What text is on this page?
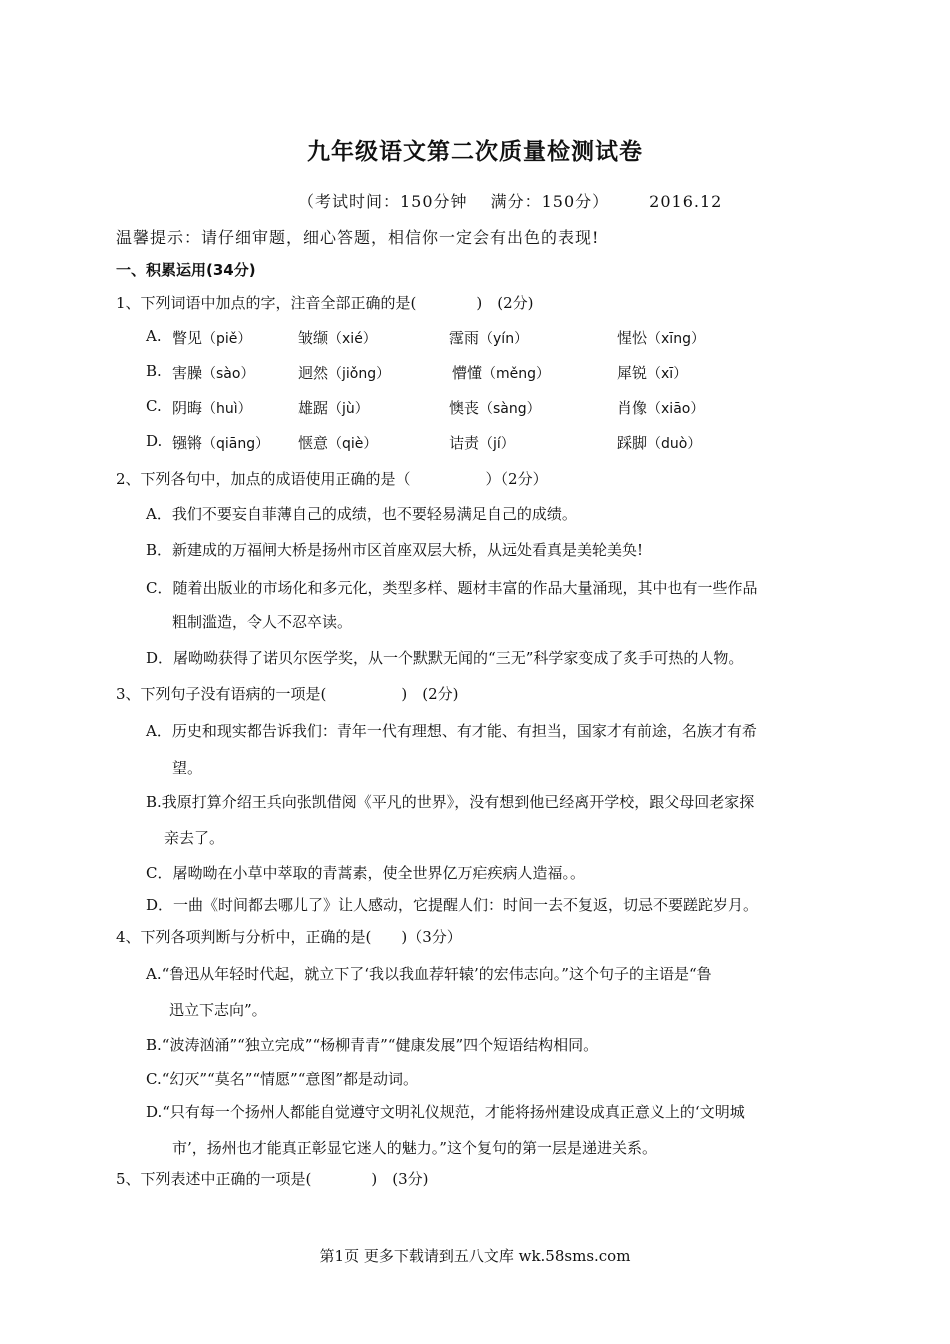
九年级语文第二次质量检测试卷
（考试时间：150分钟　 满分：150分）	2016.12
温馨提示：请仔细审题，细心答题，相信你一定会有出色的表现!
一、积累运用(34分)
1、下列词语中加点的字，注音全部正确的是(　　　　)　(2分)
A. 瞥见（piě）	皱缬（xié）	霪雨（yín）	惺忪（xīng）
B. 害臊（sào）	迥然（jiǒng）	懵懂（měng）	犀锐（xī）
C. 阴晦（huì）	雄踞（jù）	懊丧（sàng）	肖像（xiāo）
D. 镪锵（qiāng） 惬意（qiè）	诘责（jí）	踩脚（duò）
2、下列各句中，加点的成语使用正确的是（　　　　　）（2分）
A．我们不要妄自菲薄自己的成绩，也不要轻易满足自己的成绩。
B．新建成的万福闸大桥是扬州市区首座双层大桥，从远处看真是美轮美奂!
C．随着出版业的市场化和多元化，类型多样、题材丰富的作品大量涌现，其中也有一些作品
粗制滥造，令人不忍卒读。
D．屠呦呦获得了诺贝尔医学奖，从一个默默无闻的“三无”科学家变成了炙手可热的人物。
3、下列句子没有语病的一项是(　　　　　)　(2分)
A．历史和现实都告诉我们：青年一代有理想、有才能、有担当，国家才有前途，名族才有希
望。
B.我原打算介绍王兵向张凯借阅《平凡的世界》，没有想到他已经离开学校，跟父母回老家探
亲去了。
C．屠呦呦在小草中萃取的青蒿素，使全世界亿万疟疾病人造福。。
D．一曲《时间都去哪儿了》让人感动，它提醒人们：时间一去不复返，切忌不要蹉跎岁月。
4、下列各项判断与分析中，正确的是(　　)（3分）
A.“鲁迅从年轻时代起，就立下了‘我以我血荐轩辕’的宏伟志向。”这个句子的主语是“鲁
迅立下志向”。
B.“波涛汹涌”“独立完成”“杨柳青青”“健康发展”四个短语结构相同。
C.“幻灭”“莫名”“情愿”“意图”都是动词。
D.“只有每一个扬州人都能自觉遵守文明礼仪规范，才能将扬州建设成真正意义上的‘文明城
市’，扬州也才能真正彰显它迷人的魅力。”这个复句的第一层是递进关系。
5、下列表述中正确的一项是(　　　　)　(3分)
第1页 更多下载请到五八文库 wk.58sms.com
